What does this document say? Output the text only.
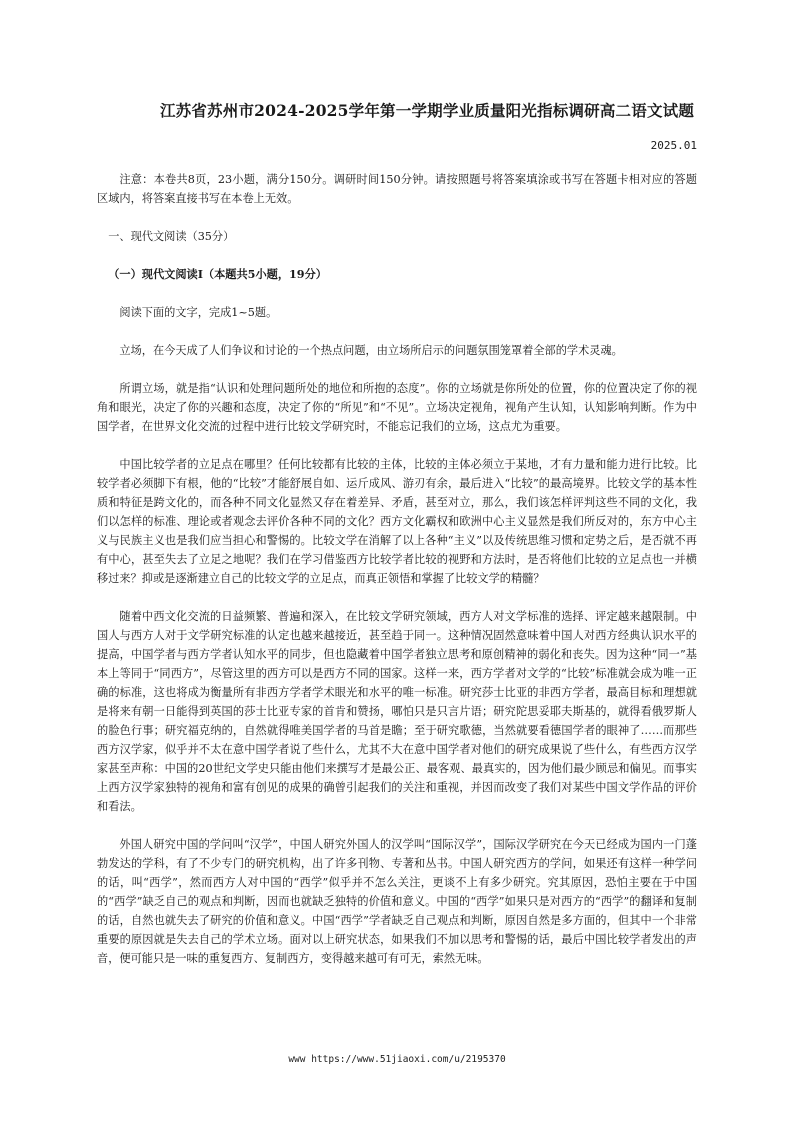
江苏省苏州市2024-2025学年第一学期学业质量阳光指标调研高二语文试题
2025.01

注意：本卷共8页，23小题，满分150分。调研时间150分钟。请按照题号将答案填涂或书写在答题卡相对应的答题区域内，将答案直接书写在本卷上无效。

一、现代文阅读（35分）

（一）现代文阅读Ⅰ（本题共5小题，19分）

阅读下面的文字，完成1~5题。

立场，在今天成了人们争议和讨论的一个热点问题，由立场所启示的问题氛围笼罩着全部的学术灵魂。

所谓立场，就是指“认识和处理问题所处的地位和所抱的态度”。你的立场就是你所处的位置，你的位置决定了你的视角和眼光，决定了你的兴趣和态度，决定了你的“所见”和“不见”。立场决定视角，视角产生认知，认知影响判断。作为中国学者，在世界文化交流的过程中进行比较文学研究时，不能忘记我们的立场，这点尤为重要。

中国比较学者的立足点在哪里？任何比较都有比较的主体，比较的主体必须立于某地，才有力量和能力进行比较。比较学者必须脚下有根，他的“比较”才能舒展自如、运斤成风、游刃有余，最后进入“比较”的最高境界。比较文学的基本性质和特征是跨文化的，而各种不同文化显然又存在着差异、矛盾，甚至对立，那么，我们该怎样评判这些不同的文化，我们以怎样的标准、理论或者观念去评价各种不同的文化？西方文化霸权和欧洲中心主义显然是我们所反对的，东方中心主义与民族主义也是我们应当担心和警惕的。比较文学在消解了以上各种“主义”以及传统思维习惯和定势之后，是否就不再有中心，甚至失去了立足之地呢？我们在学习借鉴西方比较学者比较的视野和方法时，是否将他们比较的立足点也一并横移过来？抑或是逐渐建立自己的比较文学的立足点，而真正领悟和掌握了比较文学的精髓？

随着中西文化交流的日益频繁、普遍和深入，在比较文学研究领域，西方人对文学标准的选择、评定越来越限制。中国人与西方人对于文学研究标准的认定也越来越接近，甚至趋于同一。这种情况固然意味着中国人对西方经典认识水平的提高，中国学者与西方学者认知水平的同步，但也隐藏着中国学者独立思考和原创精神的弱化和丧失。因为这种“同一”基本上等同于“同西方”，尽管这里的西方可以是西方不同的国家。这样一来，西方学者对文学的“比较”标准就会成为唯一正确的标准，这也将成为衡量所有非西方学者学术眼光和水平的唯一标准。研究莎士比亚的非西方学者，最高目标和理想就是将来有朝一日能得到英国的莎士比亚专家的首肯和赞扬，哪怕只是只言片语；研究陀思妥耶夫斯基的，就得看俄罗斯人的脸色行事；研究福克纳的，自然就得唯美国学者的马首是瞻；至于研究歌德，当然就要看德国学者的眼神了……而那些西方汉学家，似乎并不太在意中国学者说了些什么，尤其不大在意中国学者对他们的研究成果说了些什么，有些西方汉学家甚至声称：中国的20世纪文学史只能由他们来撰写才是最公正、最客观、最真实的，因为他们最少顾忌和偏见。而事实上西方汉学家独特的视角和富有创见的成果的确曾引起我们的关注和重视，并因而改变了我们对某些中国文学作品的评价和看法。

外国人研究中国的学问叫“汉学”，中国人研究外国人的汉学叫“国际汉学”，国际汉学研究在今天已经成为国内一门蓬勃发达的学科，有了不少专门的研究机构，出了许多刊物、专著和丛书。中国人研究西方的学问，如果还有这样一种学问的话，叫“西学”，然而西方人对中国的“西学”似乎并不怎么关注，更谈不上有多少研究。究其原因，恐怕主要在于中国的“西学”缺乏自己的观点和判断，因而也就缺乏独特的价值和意义。中国的“西学”如果只是对西方的“西学”的翻译和复制的话，自然也就失去了研究的价值和意义。中国“西学”学者缺乏自己观点和判断，原因自然是多方面的，但其中一个非常重要的原因就是失去自己的学术立场。面对以上研究状态，如果我们不加以思考和警惕的话，最后中国比较学者发出的声音，便可能只是一味的重复西方、复制西方，变得越来越可有可无，索然无味。

www https://www.51jiaoxi.com/u/2195370
